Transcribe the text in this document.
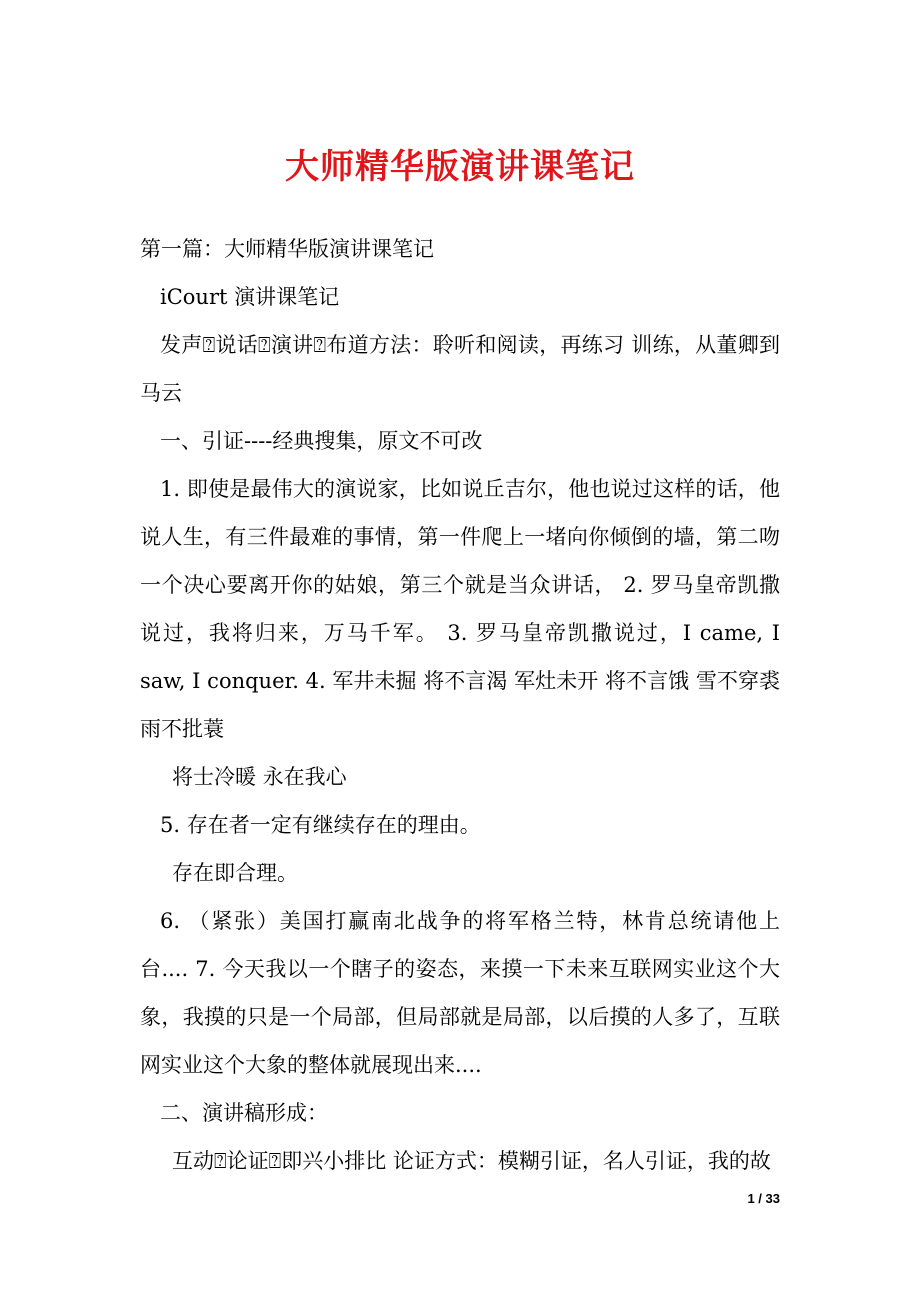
大师精华版演讲课笔记

第一篇：大师精华版演讲课笔记

iCourt 演讲课笔记

发声⍰说话⍰演讲⍰布道方法：聆听和阅读，再练习 训练，从董卿到马云

一、引证----经典搜集，原文不可改

1. 即使是最伟大的演说家，比如说丘吉尔，他也说过这样的话，他说人生，有三件最难的事情，第一件爬上一堵向你倾倒的墙，第二吻一个决心要离开你的姑娘，第三个就是当众讲话， 2. 罗马皇帝凯撒说过，我将归来，万马千军。 3. 罗马皇帝凯撒说过，I came, I saw, I conquer. 4. 军井未掘 将不言渴 军灶未开 将不言饿 雪不穿裘 雨不批蓑

将士冷暖 永在我心

5. 存在者一定有继续存在的理由。

存在即合理。

6. （紧张）美国打赢南北战争的将军格兰特，林肯总统请他上台.... 7. 今天我以一个瞎子的姿态，来摸一下未来互联网实业这个大象，我摸的只是一个局部，但局部就是局部，以后摸的人多了，互联网实业这个大象的整体就展现出来....

二、演讲稿形成：

互动⍰论证⍰即兴小排比 论证方式：模糊引证，名人引证，我的故

1 / 33
